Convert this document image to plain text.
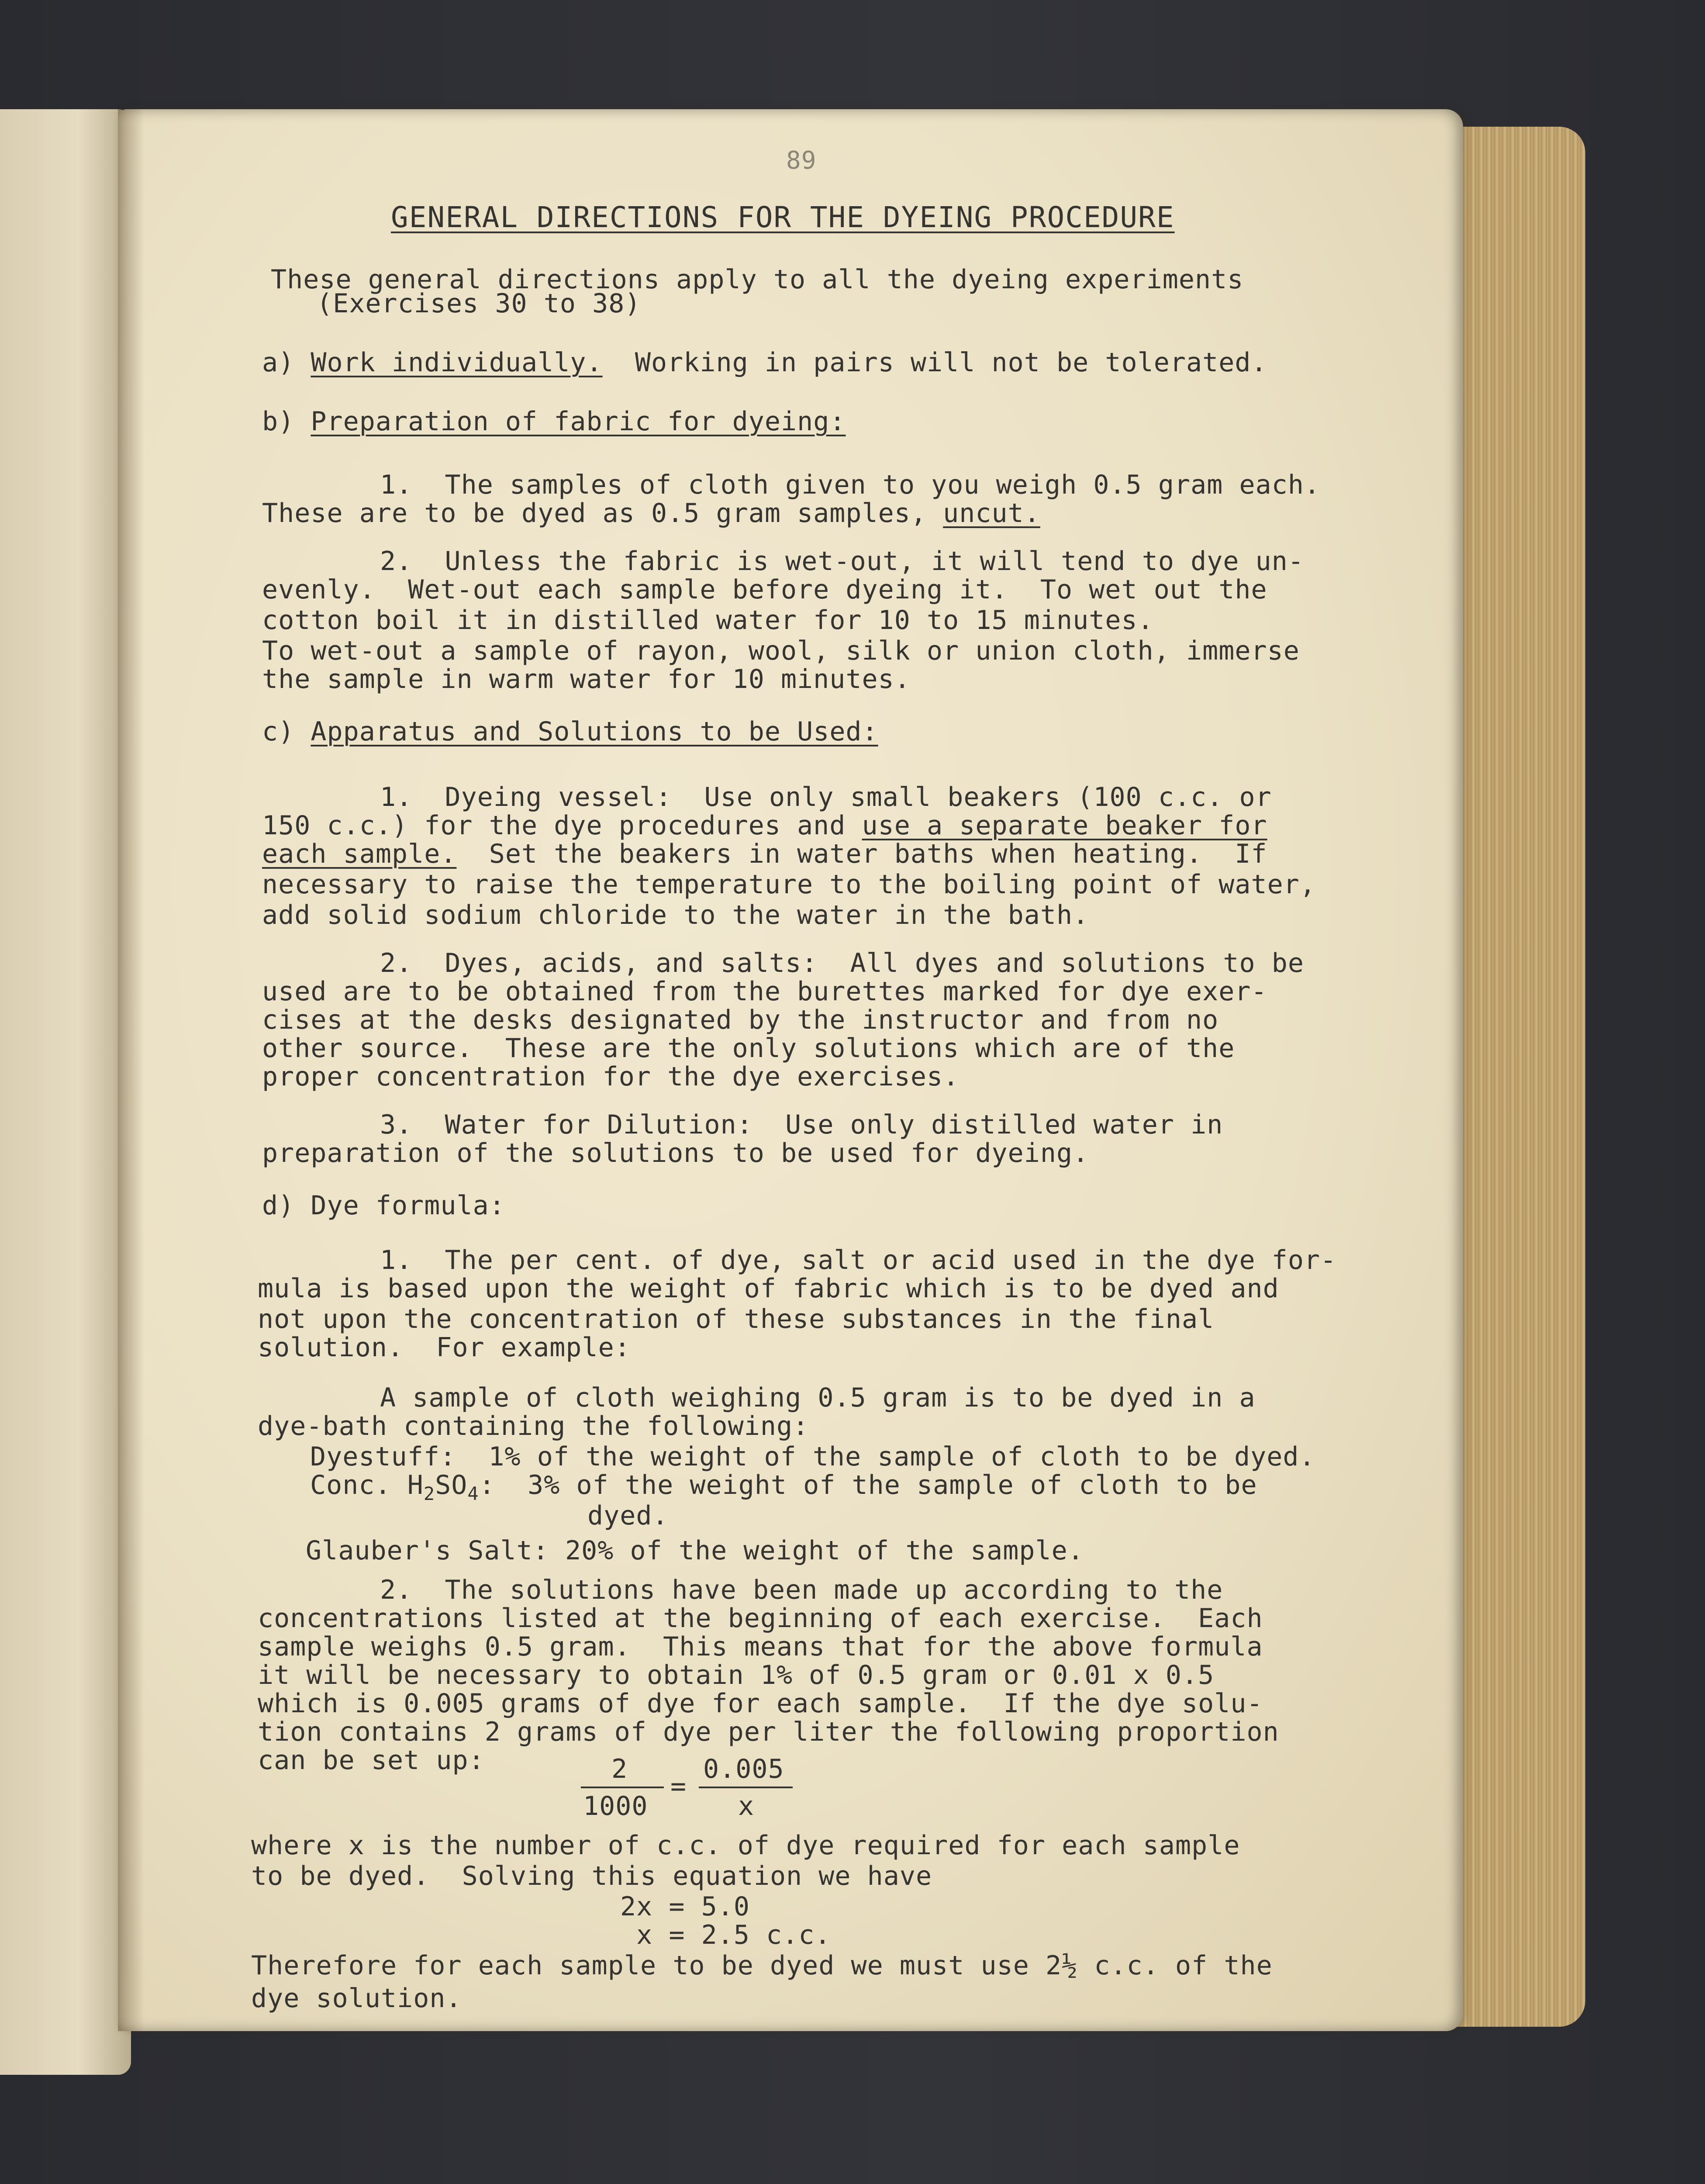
89

GENERAL DIRECTIONS FOR THE DYEING PROCEDURE

These general directions apply to all the dyeing experiments

(Exercises 30 to 38)

a) Work individually. Working in pairs will not be tolerated.

b) Preparation of fabric for dyeing:

1.  The samples of cloth given to you weigh 0.5 gram each.

These are to be dyed as 0.5 gram samples, uncut.

2.  Unless the fabric is wet-out, it will tend to dye un-

evenly.  Wet-out each sample before dyeing it.  To wet out the

cotton boil it in distilled water for 10 to 15 minutes.

To wet-out a sample of rayon, wool, silk or union cloth, immerse

the sample in warm water for 10 minutes.

c) Apparatus and Solutions to be Used:

1.  Dyeing vessel:  Use only small beakers (100 c.c. or

150 c.c.) for the dye procedures and use a separate beaker for

each sample.  Set the beakers in water baths when heating.  If

necessary to raise the temperature to the boiling point of water,

add solid sodium chloride to the water in the bath.

2.  Dyes, acids, and salts:  All dyes and solutions to be

used are to be obtained from the burettes marked for dye exer-

cises at the desks designated by the instructor and from no

other source.  These are the only solutions which are of the

proper concentration for the dye exercises.

3.  Water for Dilution:  Use only distilled water in

preparation of the solutions to be used for dyeing.

d) Dye formula:

1.  The per cent. of dye, salt or acid used in the dye for-

mula is based upon the weight of fabric which is to be dyed and

not upon the concentration of these substances in the final

solution.  For example:

A sample of cloth weighing 0.5 gram is to be dyed in a

dye-bath containing the following:

Dyestuff:  1% of the weight of the sample of cloth to be dyed.

Conc. $H_2SO_4$:  3% of the weight of the sample of cloth to be

dyed.

Glauber's Salt: 20% of the weight of the sample.

2.  The solutions have been made up according to the

concentrations listed at the beginning of each exercise.  Each

sample weighs 0.5 gram.  This means that for the above formula

it will be necessary to obtain 1% of 0.5 gram or 0.01 x 0.5

which is 0.005 grams of dye for each sample.  If the dye solu-

tion contains 2 grams of dye per liter the following proportion

can be set up:	2

1000

=

0.005

x

where x is the number of c.c. of dye required for each sample

to be dyed.  Solving this equation we have

2x = 5.0

x = 2.5 c.c.

Therefore for each sample to be dyed we must use 2½ c.c. of the

dye solution.
